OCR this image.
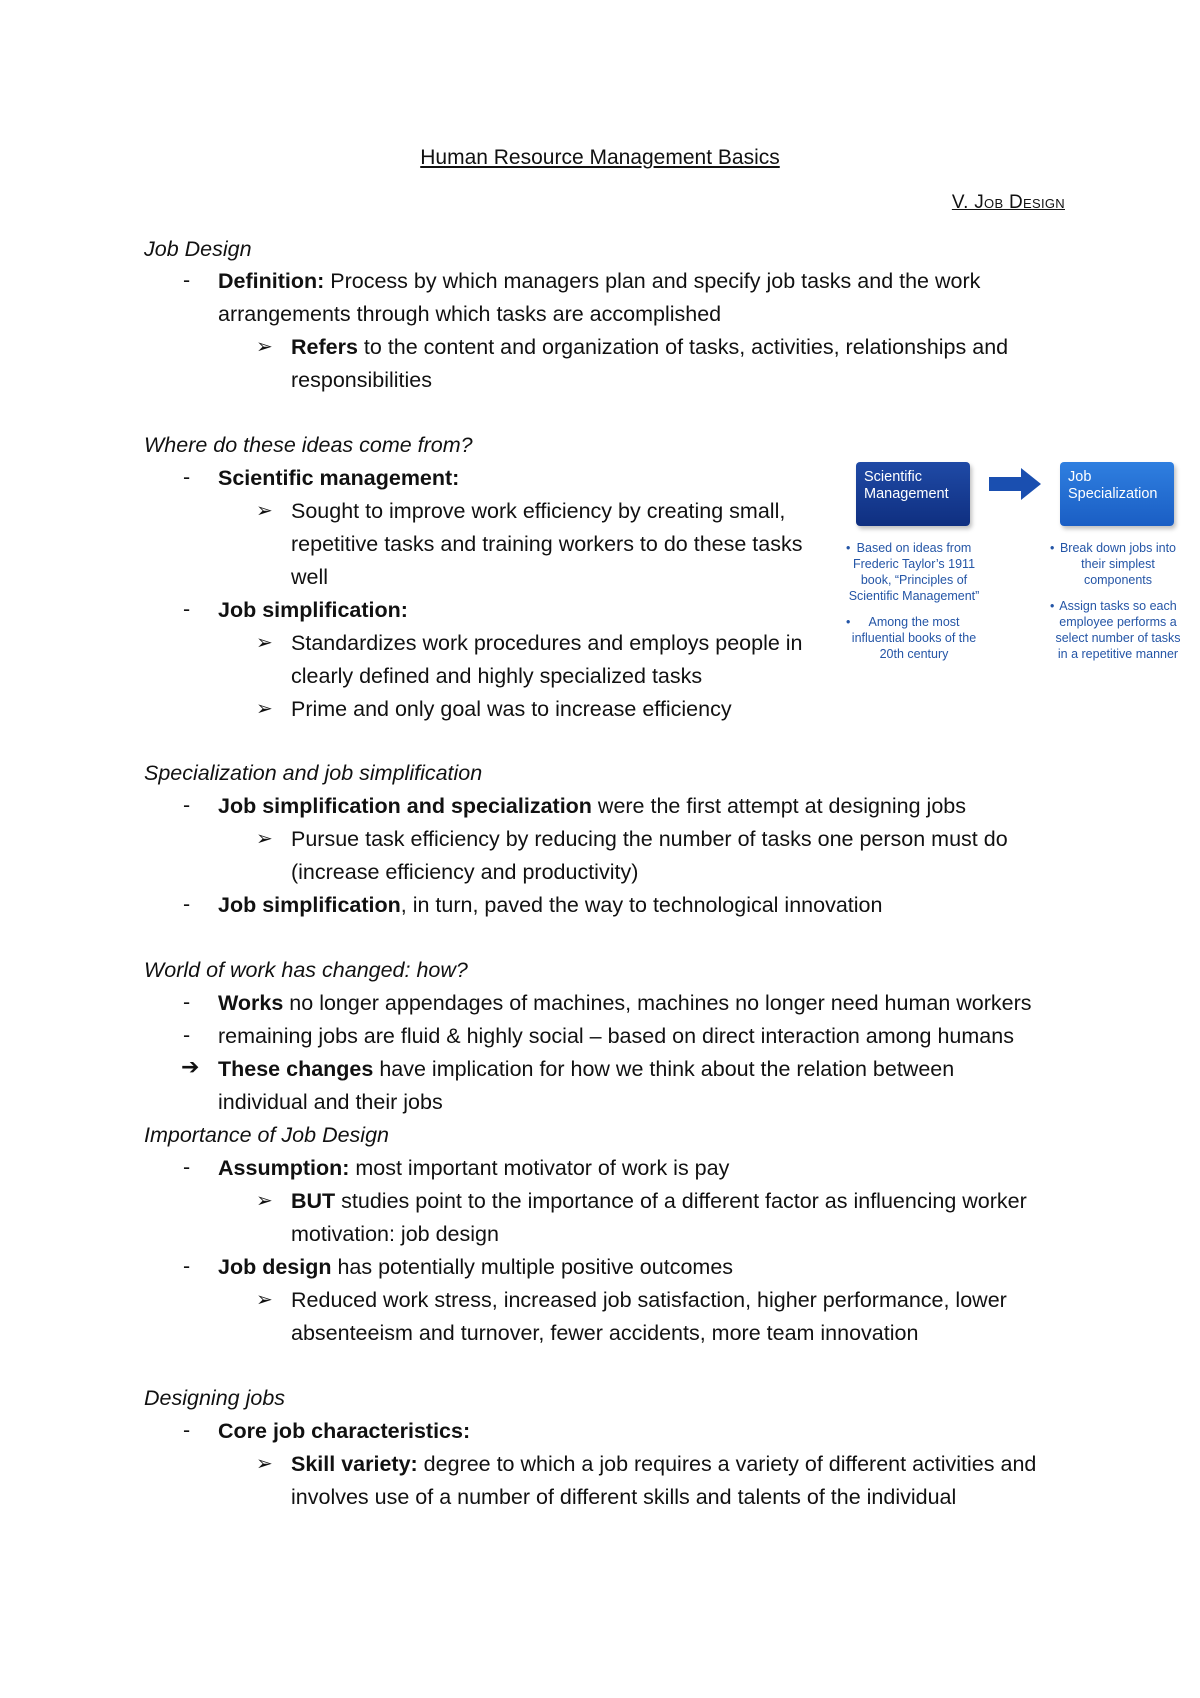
Human Resource Management Basics
V. Job Design
Job Design
- Definition: Process by which managers plan and specify job tasks and the work
arrangements through which tasks are accomplished
➢ Refers to the content and organization of tasks, activities, relationships and
responsibilities
Where do these ideas come from?
- Scientific management:
➢ Sought to improve work efficiency by creating small,
repetitive tasks and training workers to do these tasks
well
- Job simplification:
➢ Standardizes work procedures and employs people in
clearly defined and highly specialized tasks
➢ Prime and only goal was to increase efficiency
Scientific Management
Job Specialization
• Based on ideas from Frederic Taylor’s 1911 book, “Principles of Scientific Management”
• Among the most influential books of the 20th century
• Break down jobs into their simplest components
• Assign tasks so each employee performs a select number of tasks in a repetitive manner
Specialization and job simplification
- Job simplification and specialization were the first attempt at designing jobs
➢ Pursue task efficiency by reducing the number of tasks one person must do
(increase efficiency and productivity)
- Job simplification, in turn, paved the way to technological innovation
World of work has changed: how?
- Works no longer appendages of machines, machines no longer need human workers
- remaining jobs are fluid & highly social – based on direct interaction among humans
➔ These changes have implication for how we think about the relation between
individual and their jobs
Importance of Job Design
- Assumption: most important motivator of work is pay
➢ BUT studies point to the importance of a different factor as influencing worker
motivation: job design
- Job design has potentially multiple positive outcomes
➢ Reduced work stress, increased job satisfaction, higher performance, lower
absenteeism and turnover, fewer accidents, more team innovation
Designing jobs
- Core job characteristics:
➢ Skill variety: degree to which a job requires a variety of different activities and
involves use of a number of different skills and talents of the individual
